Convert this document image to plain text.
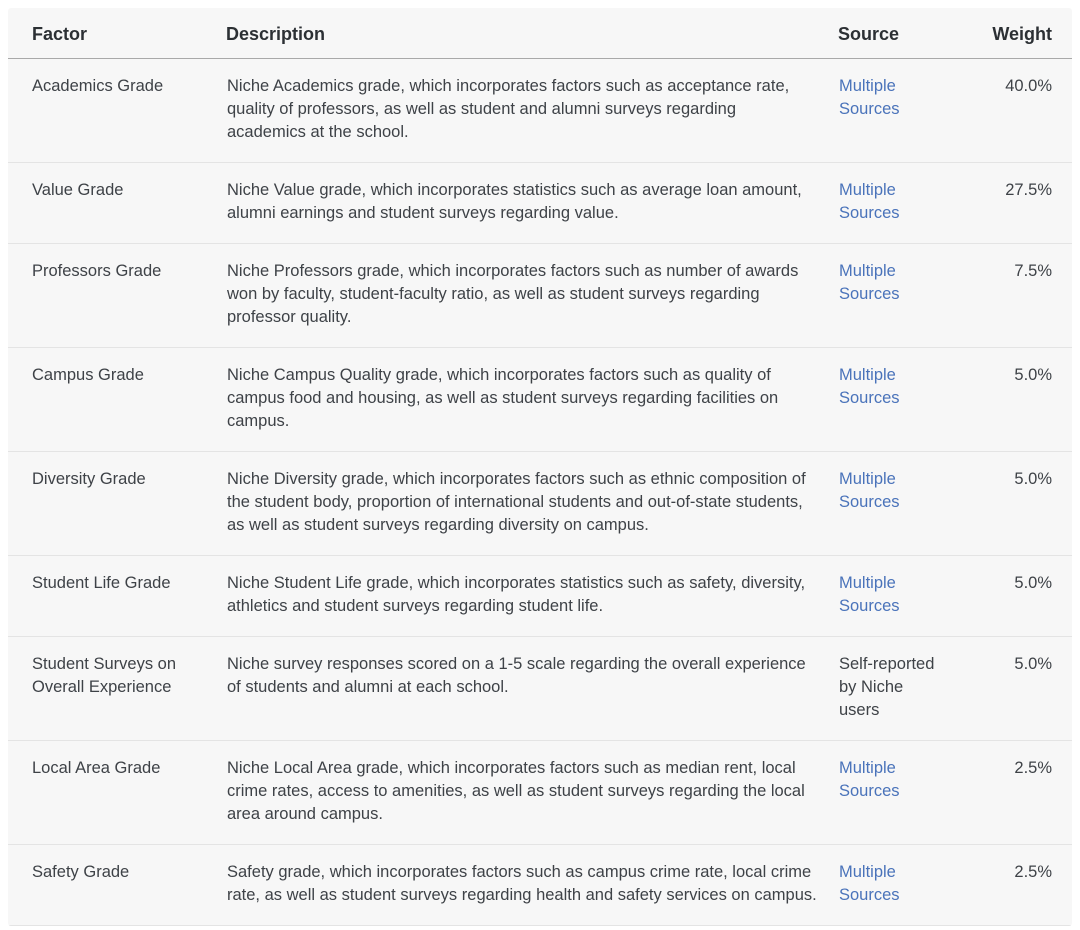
Factor	Description	Source	Weight
Academics Grade	Niche Academics grade, which incorporates factors such as acceptance rate, quality of professors, as well as student and alumni surveys regarding academics at the school.	Multiple Sources	40.0%
Value Grade	Niche Value grade, which incorporates statistics such as average loan amount, alumni earnings and student surveys regarding value.	Multiple Sources	27.5%
Professors Grade	Niche Professors grade, which incorporates factors such as number of awards won by faculty, student-faculty ratio, as well as student surveys regarding professor quality.	Multiple Sources	7.5%
Campus Grade	Niche Campus Quality grade, which incorporates factors such as quality of campus food and housing, as well as student surveys regarding facilities on campus.	Multiple Sources	5.0%
Diversity Grade	Niche Diversity grade, which incorporates factors such as ethnic composition of the student body, proportion of international students and out-of-state students, as well as student surveys regarding diversity on campus.	Multiple Sources	5.0%
Student Life Grade	Niche Student Life grade, which incorporates statistics such as safety, diversity, athletics and student surveys regarding student life.	Multiple Sources	5.0%
Student Surveys on Overall Experience	Niche survey responses scored on a 1-5 scale regarding the overall experience of students and alumni at each school.	Self-reported by Niche users	5.0%
Local Area Grade	Niche Local Area grade, which incorporates factors such as median rent, local crime rates, access to amenities, as well as student surveys regarding the local area around campus.	Multiple Sources	2.5%
Safety Grade	Safety grade, which incorporates factors such as campus crime rate, local crime rate, as well as student surveys regarding health and safety services on campus.	Multiple Sources	2.5%
